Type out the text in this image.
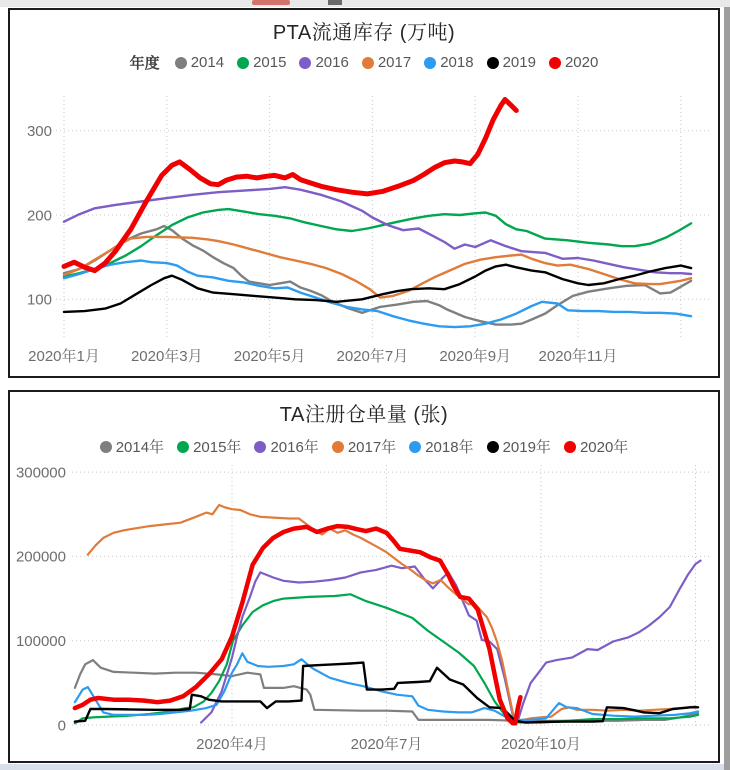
100
200
300
2020年1月 2020年3月 2020年5月 2020年7月 2020年9月 2020年11月
PTA流通库存 (万吨)
年度 2014 2015 2016 2017 2018 2019 2020
0
100000
200000
300000
2020年4月	2020年7月	2020年10月
TA注册仓单量 (张)
2014年 2015年 2016年 2017年 2018年 2019年 2020年
